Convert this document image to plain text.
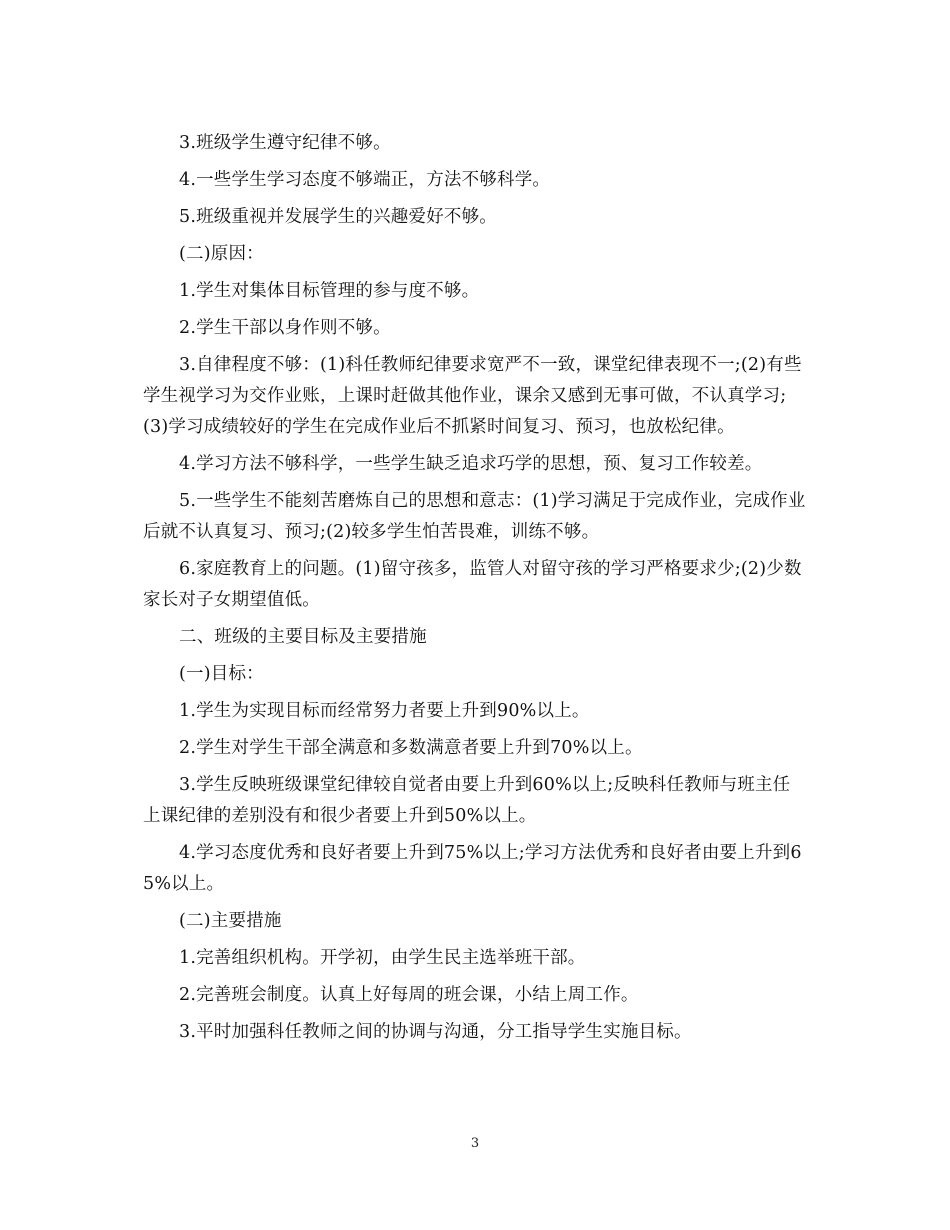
3.班级学生遵守纪律不够。

4.一些学生学习态度不够端正，方法不够科学。

5.班级重视并发展学生的兴趣爱好不够。

(二)原因：

1.学生对集体目标管理的参与度不够。

2.学生干部以身作则不够。

3.自律程度不够：(1)科任教师纪律要求宽严不一致，课堂纪律表现不一;(2)有些学生视学习为交作业账，上课时赶做其他作业，课余又感到无事可做，不认真学习;(3)学习成绩较好的学生在完成作业后不抓紧时间复习、预习，也放松纪律。

4.学习方法不够科学，一些学生缺乏追求巧学的思想，预、复习工作较差。

5.一些学生不能刻苦磨炼自己的思想和意志：(1)学习满足于完成作业，完成作业后就不认真复习、预习;(2)较多学生怕苦畏难，训练不够。

6.家庭教育上的问题。(1)留守孩多，监管人对留守孩的学习严格要求少;(2)少数家长对子女期望值低。

二、班级的主要目标及主要措施

(一)目标：

1.学生为实现目标而经常努力者要上升到90%以上。

2.学生对学生干部全满意和多数满意者要上升到70%以上。

3.学生反映班级课堂纪律较自觉者由要上升到60%以上;反映科任教师与班主任上课纪律的差别没有和很少者要上升到50%以上。

4.学习态度优秀和良好者要上升到75%以上;学习方法优秀和良好者由要上升到65%以上。

(二)主要措施

1.完善组织机构。开学初，由学生民主选举班干部。

2.完善班会制度。认真上好每周的班会课，小结上周工作。

3.平时加强科任教师之间的协调与沟通，分工指导学生实施目标。

3
